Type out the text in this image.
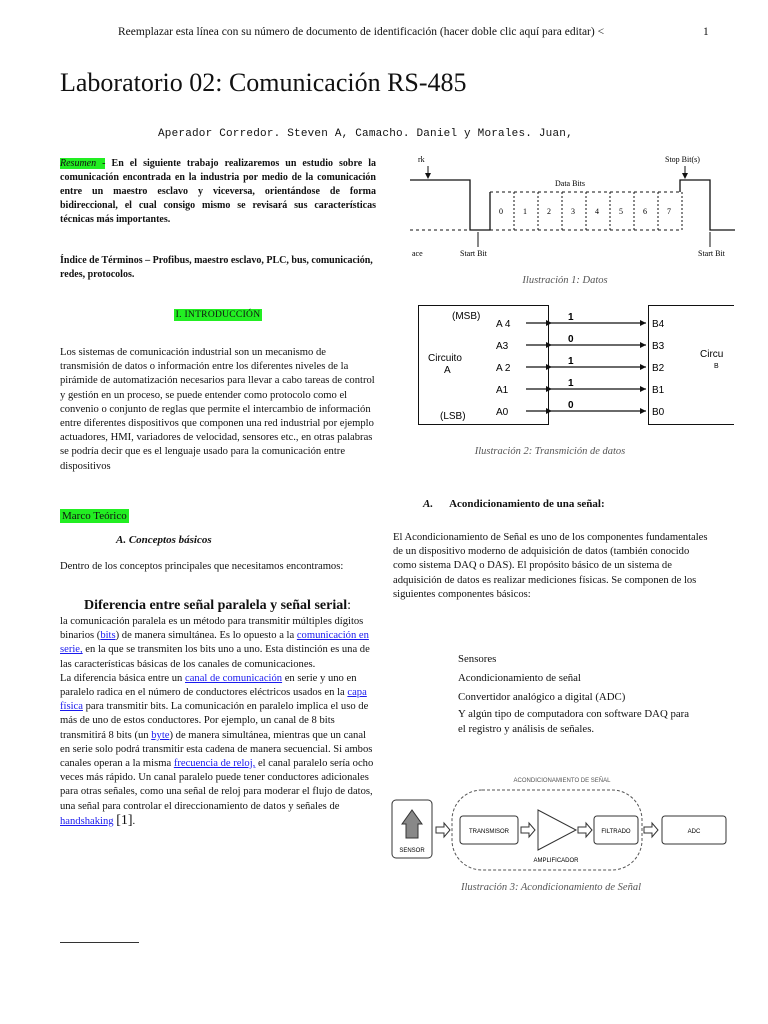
Reemplazar esta línea con su número de documento de identificación (hacer doble clic aquí para editar) <	1
Laboratorio 02: Comunicación RS-485
Aperador Corredor. Steven A, Camacho. Daniel y Morales. Juan,
Resumen - En el siguiente trabajo realizaremos un estudio sobre la comunicación encontrada en la industria por medio de la comunicación entre un maestro esclavo y viceversa, orientándose de forma bidireccional, el cual consigo mismo se revisará sus características técnicas más importantes.
Índice de Términos – Profibus, maestro esclavo, PLC, bus, comunicación, redes, protocolos.
I. INTRODUCCIÓN
Los sistemas de comunicación industrial son un mecanismo de transmisión de datos o información entre los diferentes niveles de la pirámide de automatización necesarios para llevar a cabo tareas de control y gestión en un proceso, se puede entender como protocolo como el convenio o conjunto de reglas que permite el intercambio de información entre diferentes dispositivos que componen una red industrial por ejemplo actuadores, HMI, variadores de velocidad, sensores etc., en otras palabras se podría decir que es el lenguaje usado para la comunicación entre dispositivos
Marco Teórico
A. Conceptos básicos
Dentro de los conceptos principales que necesitamos encontramos:
Diferencia entre señal paralela y señal serial:
la comunicación paralela es un método para transmitir múltiples dígitos binarios (bits) de manera simultánea. Es lo opuesto a la comunicación en serie, en la que se transmiten los bits uno a uno. Esta distinción es una de las características básicas de los canales de comunicaciones.
La diferencia básica entre un canal de comunicación en serie y uno en paralelo radica en el número de conductores eléctricos usados en la capa física para transmitir bits. La comunicación en paralelo implica el uso de más de uno de estos conductores. Por ejemplo, un canal de 8 bits transmitirá 8 bits (un byte) de manera simultánea, mientras que un canal en serie solo podrá transmitir esta cadena de manera secuencial. Si ambos canales operan a la misma frecuencia de reloj, el canal paralelo sería ocho veces más rápido. Un canal paralelo puede tener conductores adicionales para otras señales, como una señal de reloj para moderar el flujo de datos, una señal para controlar el direccionamiento de datos y señales de handshaking [1].
rk	Stop Bit(s)
Data Bits
0	1	2	3	4	5	6	7
Start Bit	Start Bit
ace
Ilustración 1: Datos
(MSB)
(LSB)
Circuito
A
Circu
B
A 4
1
B4
A3
0
B3
A 2
1
B2
A1
1
B1
A0
0
B0
Ilustración 2: Transmición de datos
A. Acondicionamiento de una señal:
El Acondicionamiento de Señal es uno de los componentes fundamentales de un dispositivo moderno de adquisición de datos (también conocido como sistema DAQ o DAS). El propósito básico de un sistema de adquisición de datos es realizar mediciones físicas. Se componen de los siguientes componentes básicos:
Sensores
Acondicionamiento de señal
Convertidor analógico a digital (ADC)
Y algún tipo de computadora con software DAQ para el registro y análisis de señales.
ACONDICIONAMIENTO DE SEÑAL
SENSOR
TRANSMISOR
AMPLIFICADOR
FILTRADO	ADC
Ilustración 3: Acondicionamiento de Señal
